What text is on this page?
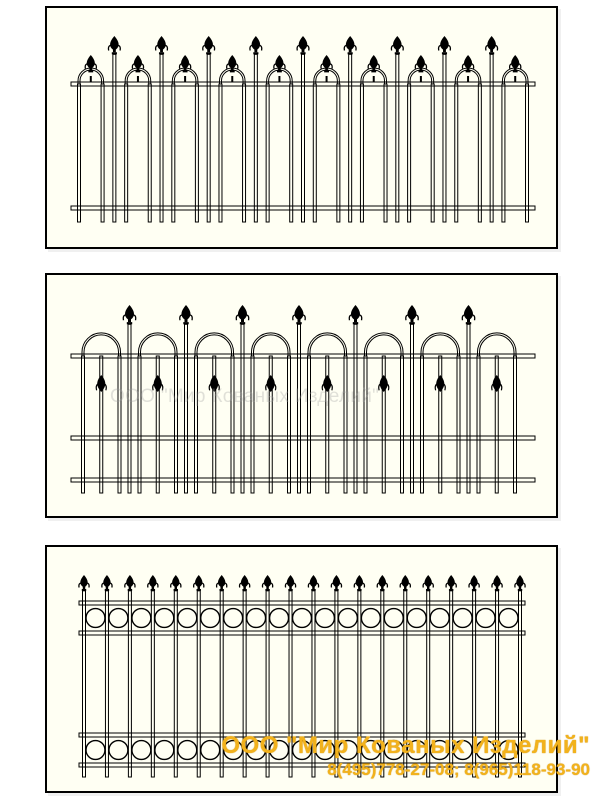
ООО "Мир Кованых Изделий"
ООО "Мир Кованых Изделий"
8(495)778-27-08; 8(965)118-93-90
